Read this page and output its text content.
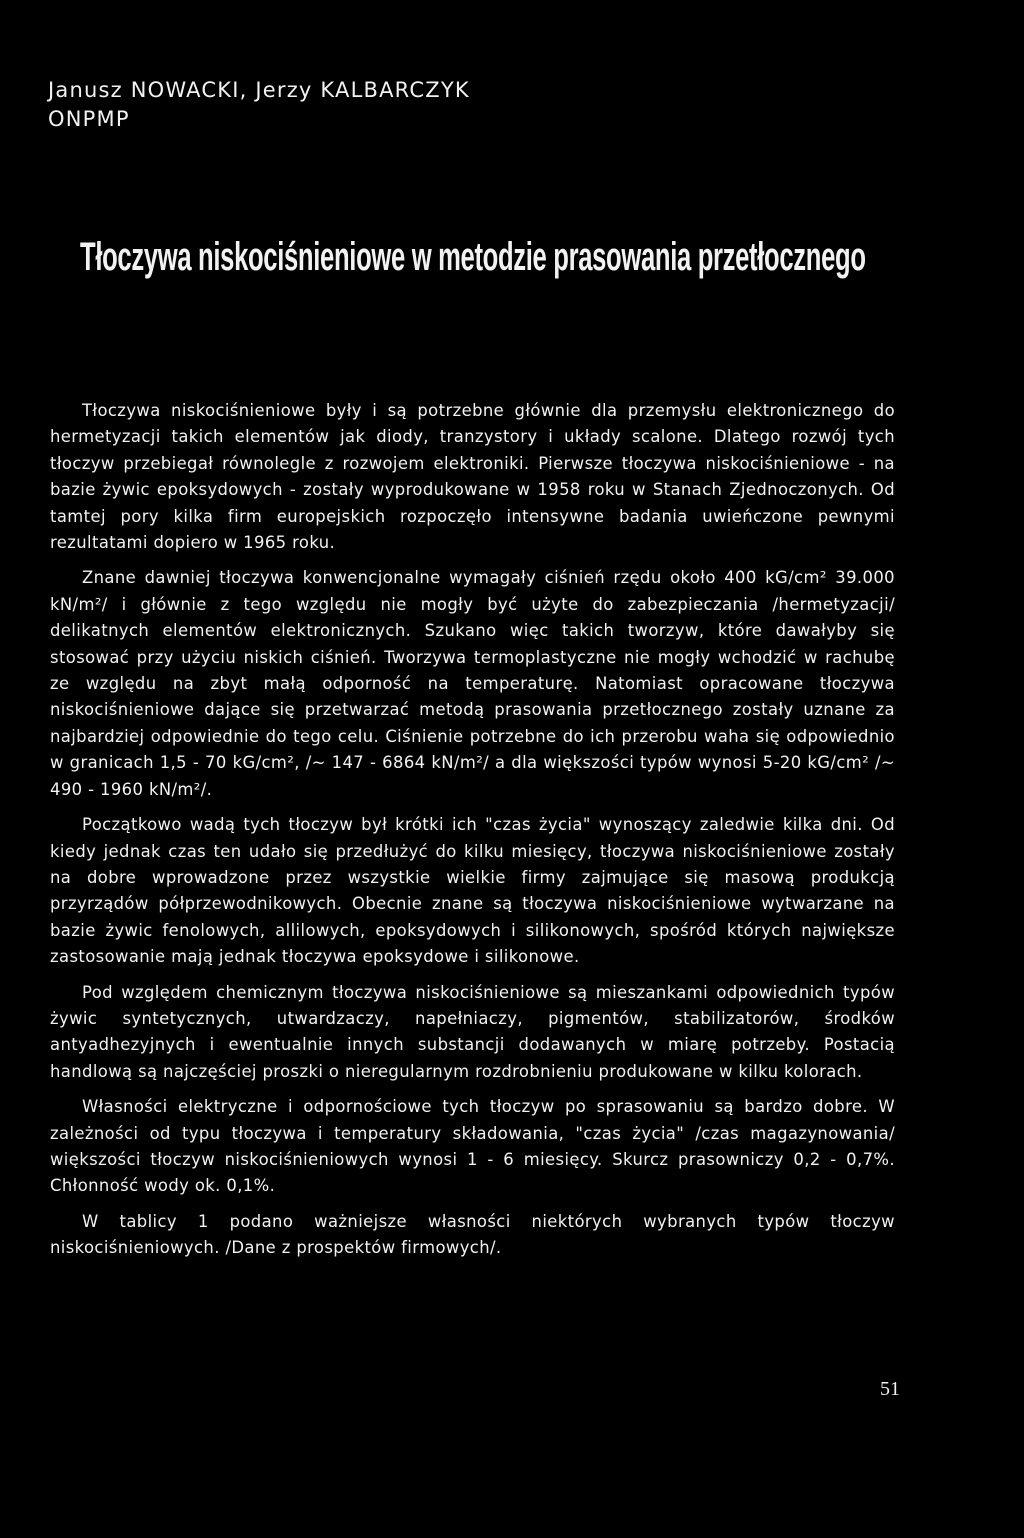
Janusz NOWACKI, Jerzy KALBARCZYK
ONPMP
Tłoczywa niskociśnieniowe w metodzie prasowania przetłocznego

Tłoczywa niskociśnieniowe były i są potrzebne głównie dla przemysłu elektronicznego do hermetyzacji takich elementów jak diody, tranzystory i układy scalone. Dlatego rozwój tych tłoczyw przebiegał równolegle z rozwojem elektroniki. Pierwsze tłoczywa niskociśnieniowe - na bazie żywic epoksydowych - zostały wyprodukowane w 1958 roku w Stanach Zjednoczonych. Od tamtej pory kilka firm europejskich rozpoczęło intensywne badania uwieńczone pewnymi rezultatami dopiero w 1965 roku.

Znane dawniej tłoczywa konwencjonalne wymagały ciśnień rzędu około 400 kG/cm² 39.000 kN/m²/ i głównie z tego względu nie mogły być użyte do zabezpieczania /hermetyzacji/ delikatnych elementów elektronicznych. Szukano więc takich tworzyw, które dawałyby się stosować przy użyciu niskich ciśnień. Tworzywa termoplastyczne nie mogły wchodzić w rachubę ze względu na zbyt małą odporność na temperaturę. Natomiast opracowane tłoczywa niskociśnieniowe dające się przetwarzać metodą prasowania przetłocznego zostały uznane za najbardziej odpowiednie do tego celu. Ciśnienie potrzebne do ich przerobu waha się odpowiednio w granicach 1,5 - 70 kG/cm², /~ 147 - 6864 kN/m²/ a dla większości typów wynosi 5-20 kG/cm² /~ 490 - 1960 kN/m²/.

Początkowo wadą tych tłoczyw był krótki ich "czas życia" wynoszący zaledwie kilka dni. Od kiedy jednak czas ten udało się przedłużyć do kilku miesięcy, tłoczywa niskociśnieniowe zostały na dobre wprowadzone przez wszystkie wielkie firmy zajmujące się masową produkcją przyrządów półprzewodnikowych. Obecnie znane są tłoczywa niskociśnieniowe wytwarzane na bazie żywic fenolowych, allilowych, epoksydowych i silikonowych, spośród których największe zastosowanie mają jednak tłoczywa epoksydowe i silikonowe.

Pod względem chemicznym tłoczywa niskociśnieniowe są mieszankami odpowiednich typów żywic syntetycznych, utwardzaczy, napełniaczy, pigmentów, stabilizatorów, środków antyadhezyjnych i ewentualnie innych substancji dodawanych w miarę potrzeby. Postacią handlową są najczęściej proszki o nieregularnym rozdrobnieniu produkowane w kilku kolorach.

Własności elektryczne i odpornościowe tych tłoczyw po sprasowaniu są bardzo dobre. W zależności od typu tłoczywa i temperatury składowania, "czas życia" /czas magazynowania/ większości tłoczyw niskociśnieniowych wynosi 1 - 6 miesięcy. Skurcz prasowniczy 0,2 - 0,7%. Chłonność wody ok. 0,1%.

W tablicy 1 podano ważniejsze własności niektórych wybranych typów tłoczyw niskociśnieniowych. /Dane z prospektów firmowych/.

51
